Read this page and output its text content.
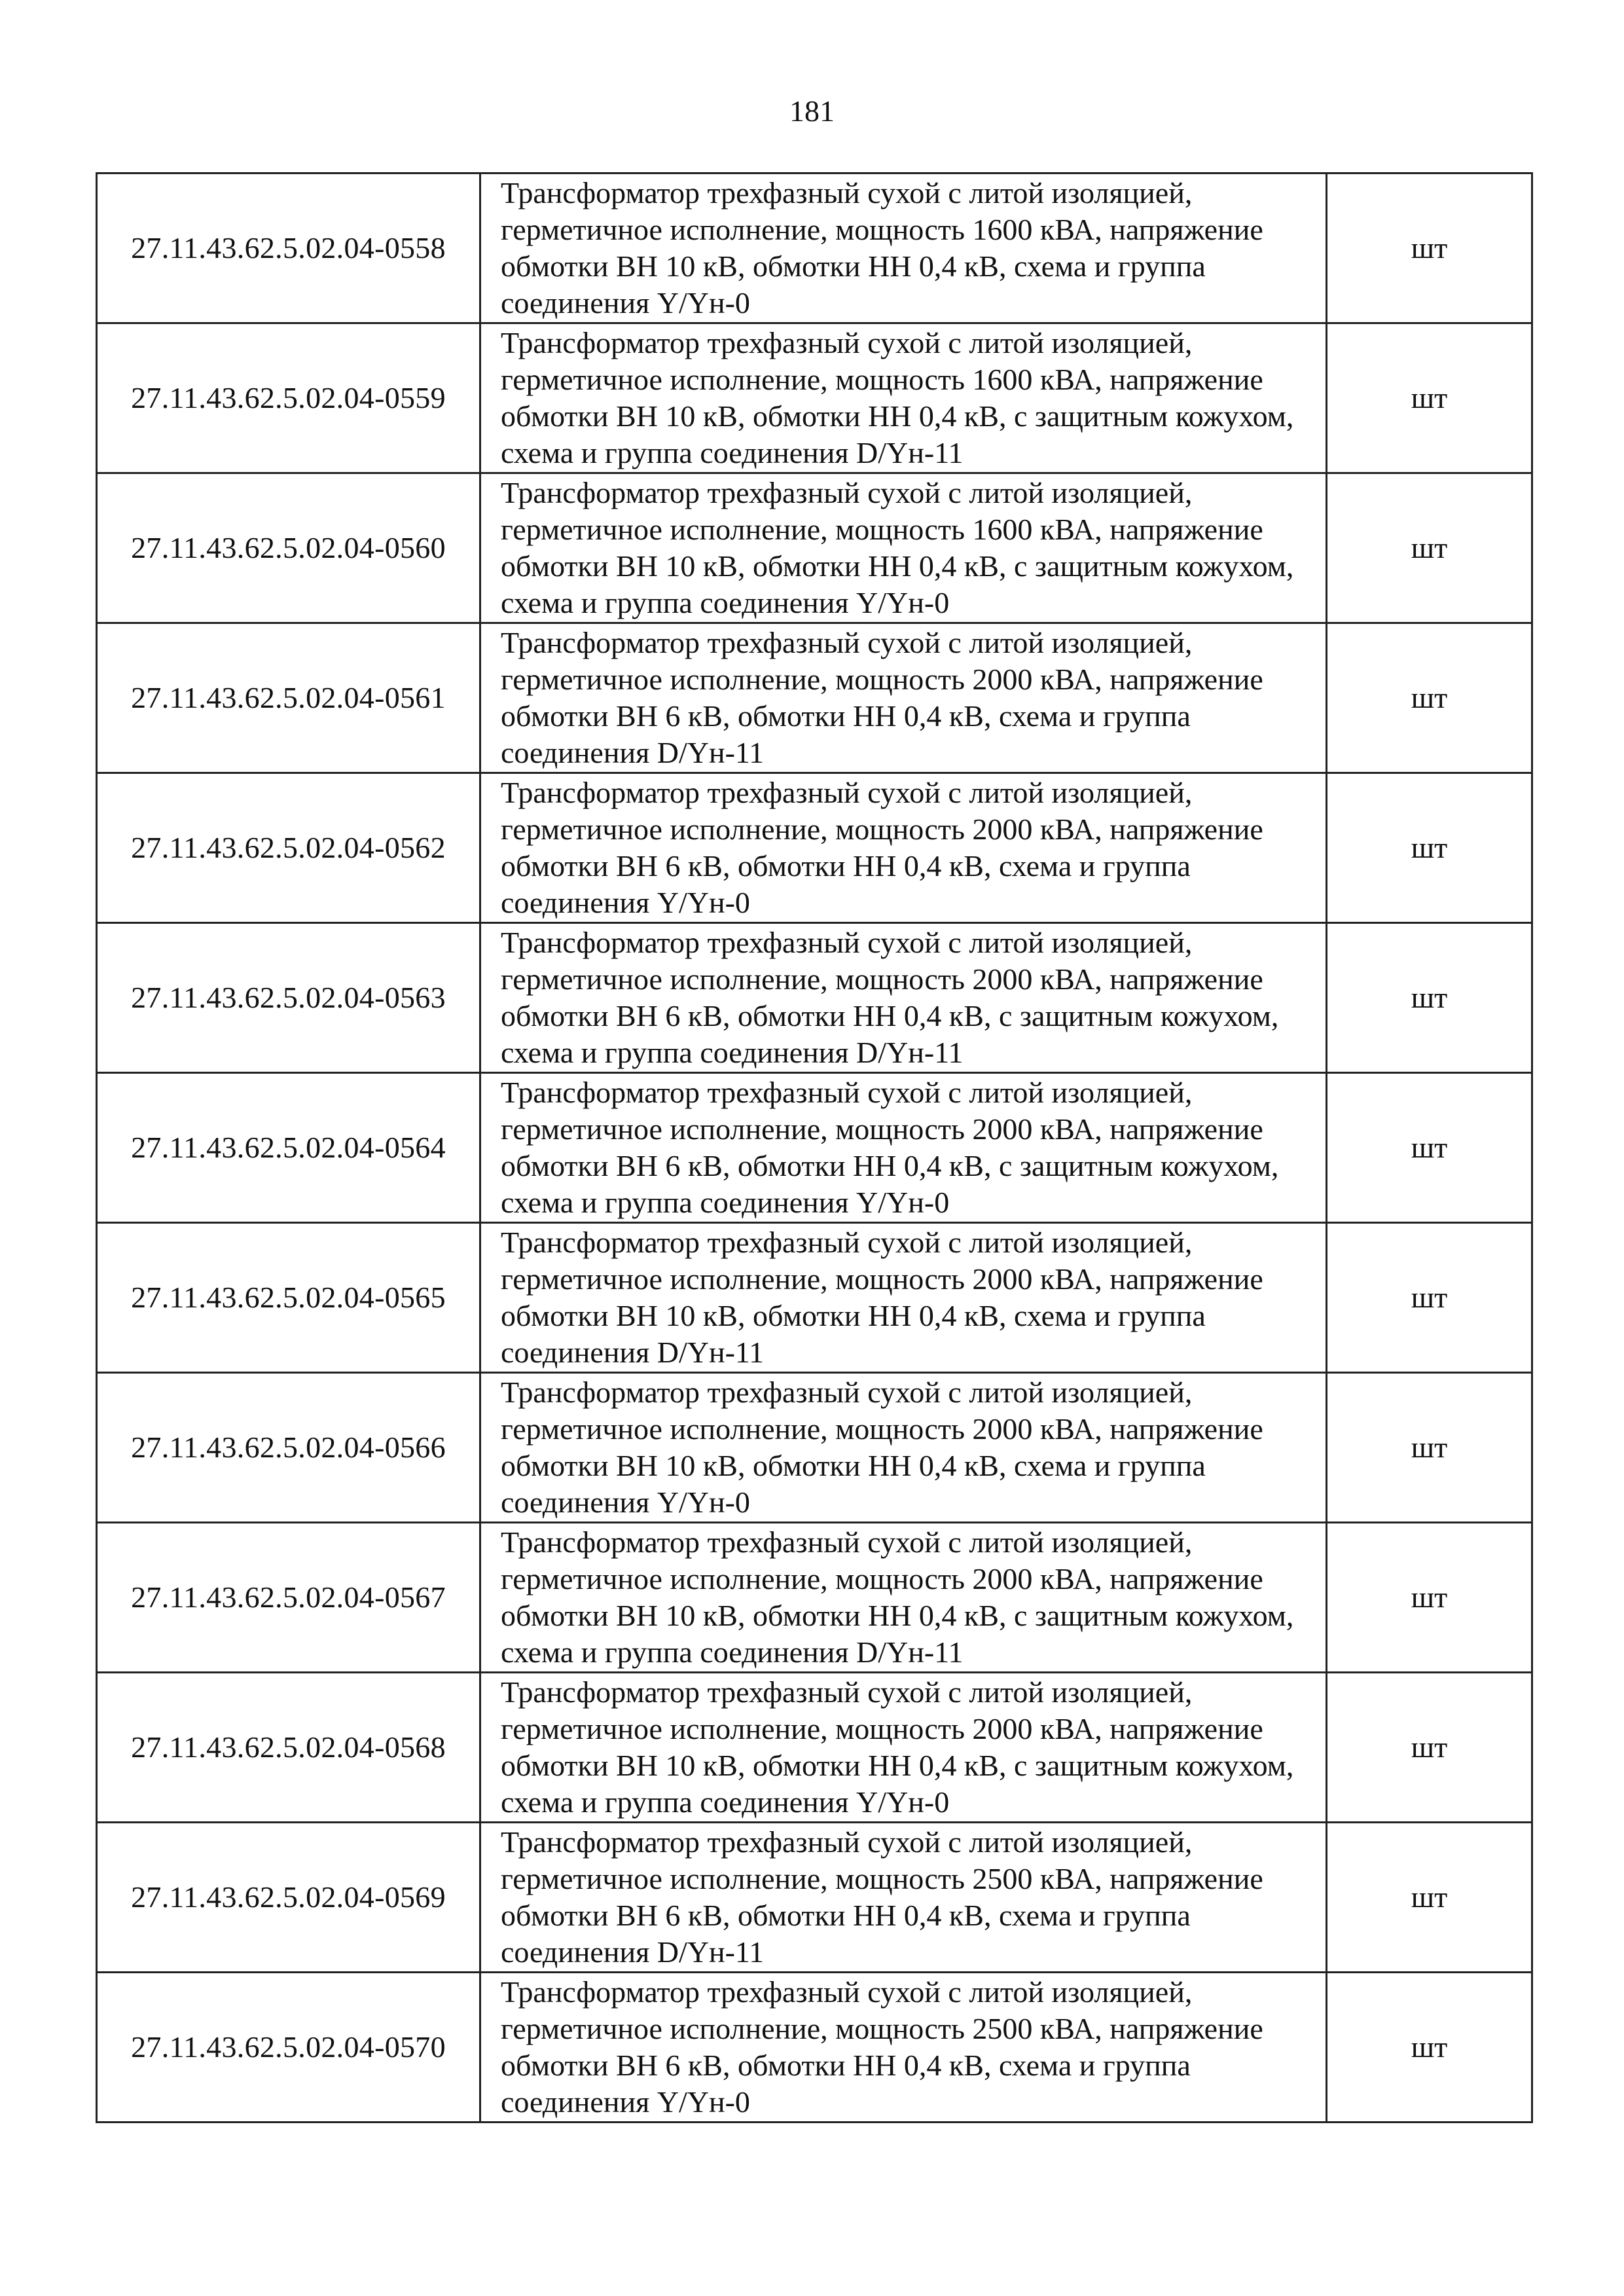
181
27.11.43.62.5.02.04-0558	Трансформатор трехфазный сухой с литой изоляцией, герметичное исполнение, мощность 1600 кВА, напряжение обмотки ВН 10 кВ, обмотки НН 0,4 кВ, схема и группа соединения Y/Yн-0	шт
27.11.43.62.5.02.04-0559	Трансформатор трехфазный сухой с литой изоляцией, герметичное исполнение, мощность 1600 кВА, напряжение обмотки ВН 10 кВ, обмотки НН 0,4 кВ, с защитным кожухом, схема и группа соединения D/Yн-11	шт
27.11.43.62.5.02.04-0560	Трансформатор трехфазный сухой с литой изоляцией, герметичное исполнение, мощность 1600 кВА, напряжение обмотки ВН 10 кВ, обмотки НН 0,4 кВ, с защитным кожухом, схема и группа соединения Y/Yн-0	шт
27.11.43.62.5.02.04-0561	Трансформатор трехфазный сухой с литой изоляцией, герметичное исполнение, мощность 2000 кВА, напряжение обмотки ВН 6 кВ, обмотки НН 0,4 кВ, схема и группа соединения D/Yн-11	шт
27.11.43.62.5.02.04-0562	Трансформатор трехфазный сухой с литой изоляцией, герметичное исполнение, мощность 2000 кВА, напряжение обмотки ВН 6 кВ, обмотки НН 0,4 кВ, схема и группа соединения Y/Yн-0	шт
27.11.43.62.5.02.04-0563	Трансформатор трехфазный сухой с литой изоляцией, герметичное исполнение, мощность 2000 кВА, напряжение обмотки ВН 6 кВ, обмотки НН 0,4 кВ, с защитным кожухом, схема и группа соединения D/Yн-11	шт
27.11.43.62.5.02.04-0564	Трансформатор трехфазный сухой с литой изоляцией, герметичное исполнение, мощность 2000 кВА, напряжение обмотки ВН 6 кВ, обмотки НН 0,4 кВ, с защитным кожухом, схема и группа соединения Y/Yн-0	шт
27.11.43.62.5.02.04-0565	Трансформатор трехфазный сухой с литой изоляцией, герметичное исполнение, мощность 2000 кВА, напряжение обмотки ВН 10 кВ, обмотки НН 0,4 кВ, схема и группа соединения D/Yн-11	шт
27.11.43.62.5.02.04-0566	Трансформатор трехфазный сухой с литой изоляцией, герметичное исполнение, мощность 2000 кВА, напряжение обмотки ВН 10 кВ, обмотки НН 0,4 кВ, схема и группа соединения Y/Yн-0	шт
27.11.43.62.5.02.04-0567	Трансформатор трехфазный сухой с литой изоляцией, герметичное исполнение, мощность 2000 кВА, напряжение обмотки ВН 10 кВ, обмотки НН 0,4 кВ, с защитным кожухом, схема и группа соединения D/Yн-11	шт
27.11.43.62.5.02.04-0568	Трансформатор трехфазный сухой с литой изоляцией, герметичное исполнение, мощность 2000 кВА, напряжение обмотки ВН 10 кВ, обмотки НН 0,4 кВ, с защитным кожухом, схема и группа соединения Y/Yн-0	шт
27.11.43.62.5.02.04-0569	Трансформатор трехфазный сухой с литой изоляцией, герметичное исполнение, мощность 2500 кВА, напряжение обмотки ВН 6 кВ, обмотки НН 0,4 кВ, схема и группа соединения D/Yн-11	шт
27.11.43.62.5.02.04-0570	Трансформатор трехфазный сухой с литой изоляцией, герметичное исполнение, мощность 2500 кВА, напряжение обмотки ВН 6 кВ, обмотки НН 0,4 кВ, схема и группа соединения Y/Yн-0	шт
